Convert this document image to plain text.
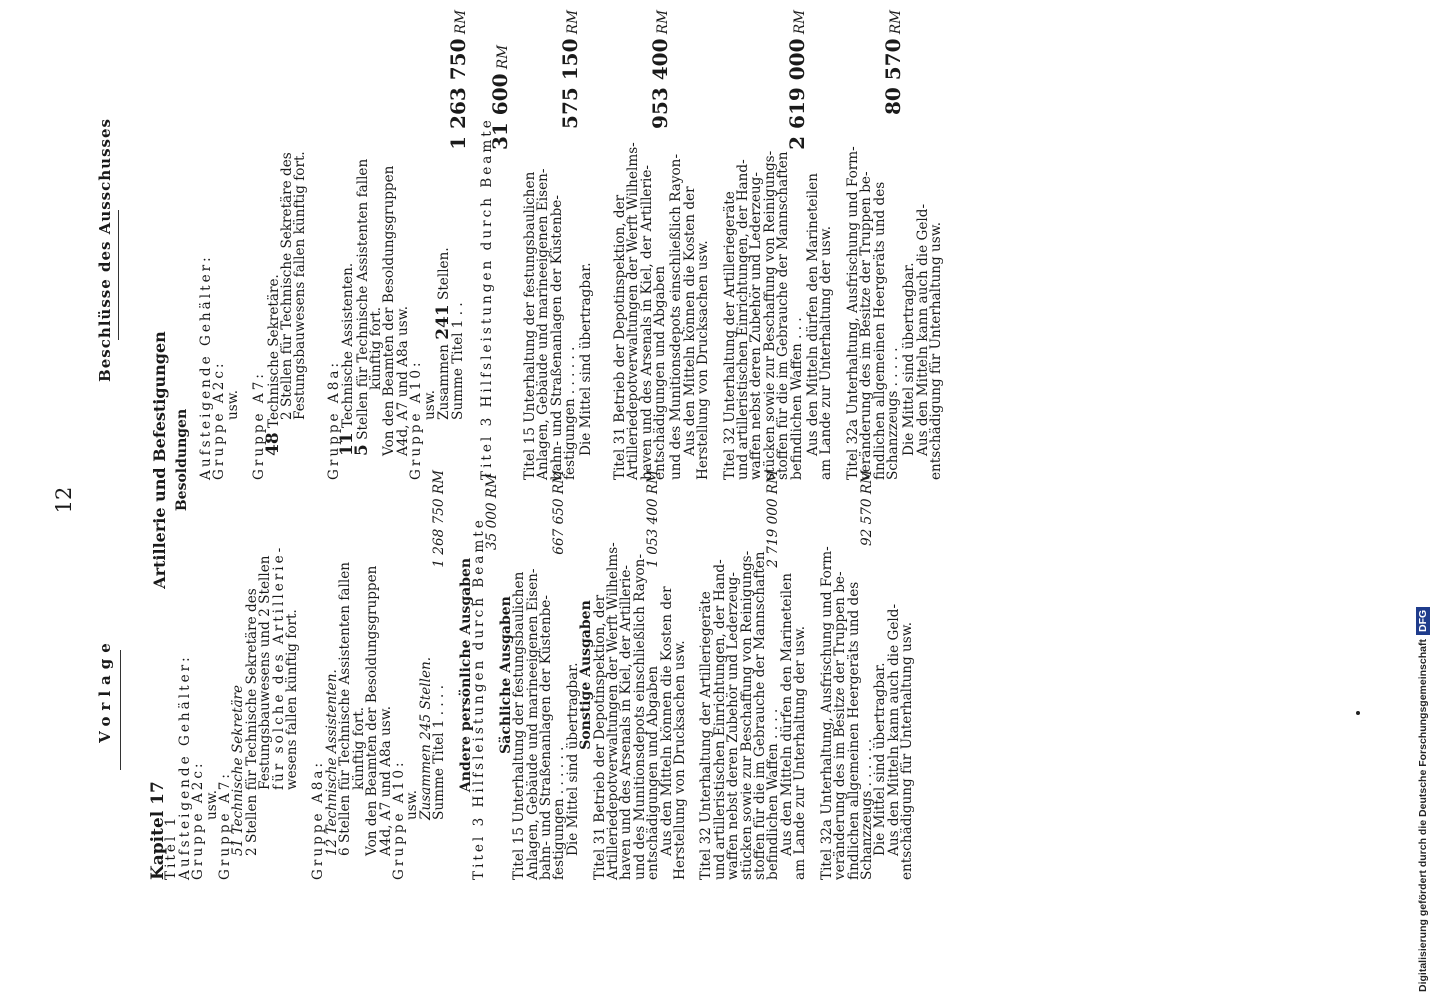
12
Vorlage
Beschlüsse des Ausschusses
Artillerie und Befestigungen Besoldungen

Kapitel 17

Titel 1

Aufsteigende Gehälter:

Gruppe A2c:

usw.

Gruppe A7:

51 Technische Sekretäre

2 Stellen für Technische Sekretäre des

Festungsbauwesens und 2 Stellen

für solche des Artillerie-

wesens fallen künftig fort.

Gruppe A8a:

12 Technische Assistenten.

6 Stellen für Technische Assistenten fallen

künftig fort.

Von den Beamten der Besoldungsgruppen

A4d, A7 und A8a usw.

Gruppe A10:

usw.

Zusammen 245 Stellen.

Summe Titel 1 . . . .
1 268 750 RM

Andere persönliche Ausgaben

Titel 3 Hilfsleistungen durch Beamte

35 000 RM

Sächliche Ausgaben

Titel 15 Unterhaltung der festungsbaulichen

Anlagen, Gebäude und marineeigenen Eisen-

bahn- und Straßenanlagen der Küstenbe-

festigungen . . . . . .
667 650 RM

Die Mittel sind übertragbar.

Sonstige Ausgaben

Titel 31 Betrieb der Depotinspektion, der

Artilleriedepotverwaltungen der Werft Wilhelms-

haven und des Arsenals in Kiel, der Artillerie-

und des Munitionsdepots einschließlich Rayon-

entschädigungen und Abgaben
1 053 400 RM

Aus den Mitteln können die Kosten der

Herstellung von Drucksachen usw. Titel 32 Unterhaltung der Artilleriegeräte

und artilleristischen Einrichtungen, der Hand-

waffen nebst deren Zubehör und Lederzeug-

stücken sowie zur Beschaffung von Reinigungs-

stoffen für die im Gebrauche der Mannschaften

befindlichen Waffen . . . .
2 719 000 RM

Aus den Mitteln dürfen den Marineteilen

am Lande zur Unterhaltung der usw. Titel 32a Unterhaltung, Ausfrischung und Form-

veränderung des im Besitze der Truppen be-

findlichen allgemeinen Heergeräts und des

Schanzzeugs . . . . . .
92 570 RM

Die Mittel sind übertragbar.

Aus den Mitteln kann auch die Geld-

entschädigung für Unterhaltung usw.

Aufsteigende Gehälter:

Gruppe A2c:

usw. Gruppe A7:

48 Technische Sekretäre.

2 Stellen für Technische Sekretäre des

Festungsbauwesens fallen künftig fort. Gruppe A8a:

11 Technische Assistenten.

5 Stellen für Technische Assistenten fallen

künftig fort.

Von den Beamten der Besoldungsgruppen

A4d, A7 und A8a usw.

Gruppe A10:

usw.

Zusammen 241 Stellen.

Summe Titel 1 . .
1 263 750 RM

Titel 3 Hilfsleistungen durch Beamte

31 600 RM

Titel 15 Unterhaltung der festungsbaulichen

Anlagen, Gebäude und marineeigenen Eisen-

bahn- und Straßenanlagen der Küstenbe-

festigungen . . . . . .
575 150 RM

Die Mittel sind übertragbar. Titel 31 Betrieb der Depotinspektion, der

Artilleriedepotverwaltungen der Werft Wilhelms-

haven und des Arsenals in Kiel, der Artillerie-

entschädigungen und Abgaben
953 400 RM

und des Munitionsdepots einschließlich Rayon-

Aus den Mitteln können die Kosten der

Herstellung von Drucksachen usw. Titel 32 Unterhaltung der Artilleriegeräte

und artilleristischen Einrichtungen, der Hand-

waffen nebst deren Zubehör und Lederzeug-

stücken sowie zur Beschaffung von Reinigungs-

stoffen für die im Gebrauche der Mannschaften

befindlichen Waffen . . .
2 619 000 RM

Aus den Mitteln dürfen den Marineteilen

am Lande zur Unterhaltung der usw. Titel 32a Unterhaltung, Ausfrischung und Form-

veränderung des im Besitze der Truppen be-

findlichen allgemeinen Heergeräts und des

Schanzzeugs . . . . .
80 570 RM

Die Mittel sind übertragbar.

Aus den Mitteln kann auch die Geld-

entschädigung für Unterhaltung usw.

Digitalisierung gefördert durch die Deutsche ForschungsgemeinschaftDFG
